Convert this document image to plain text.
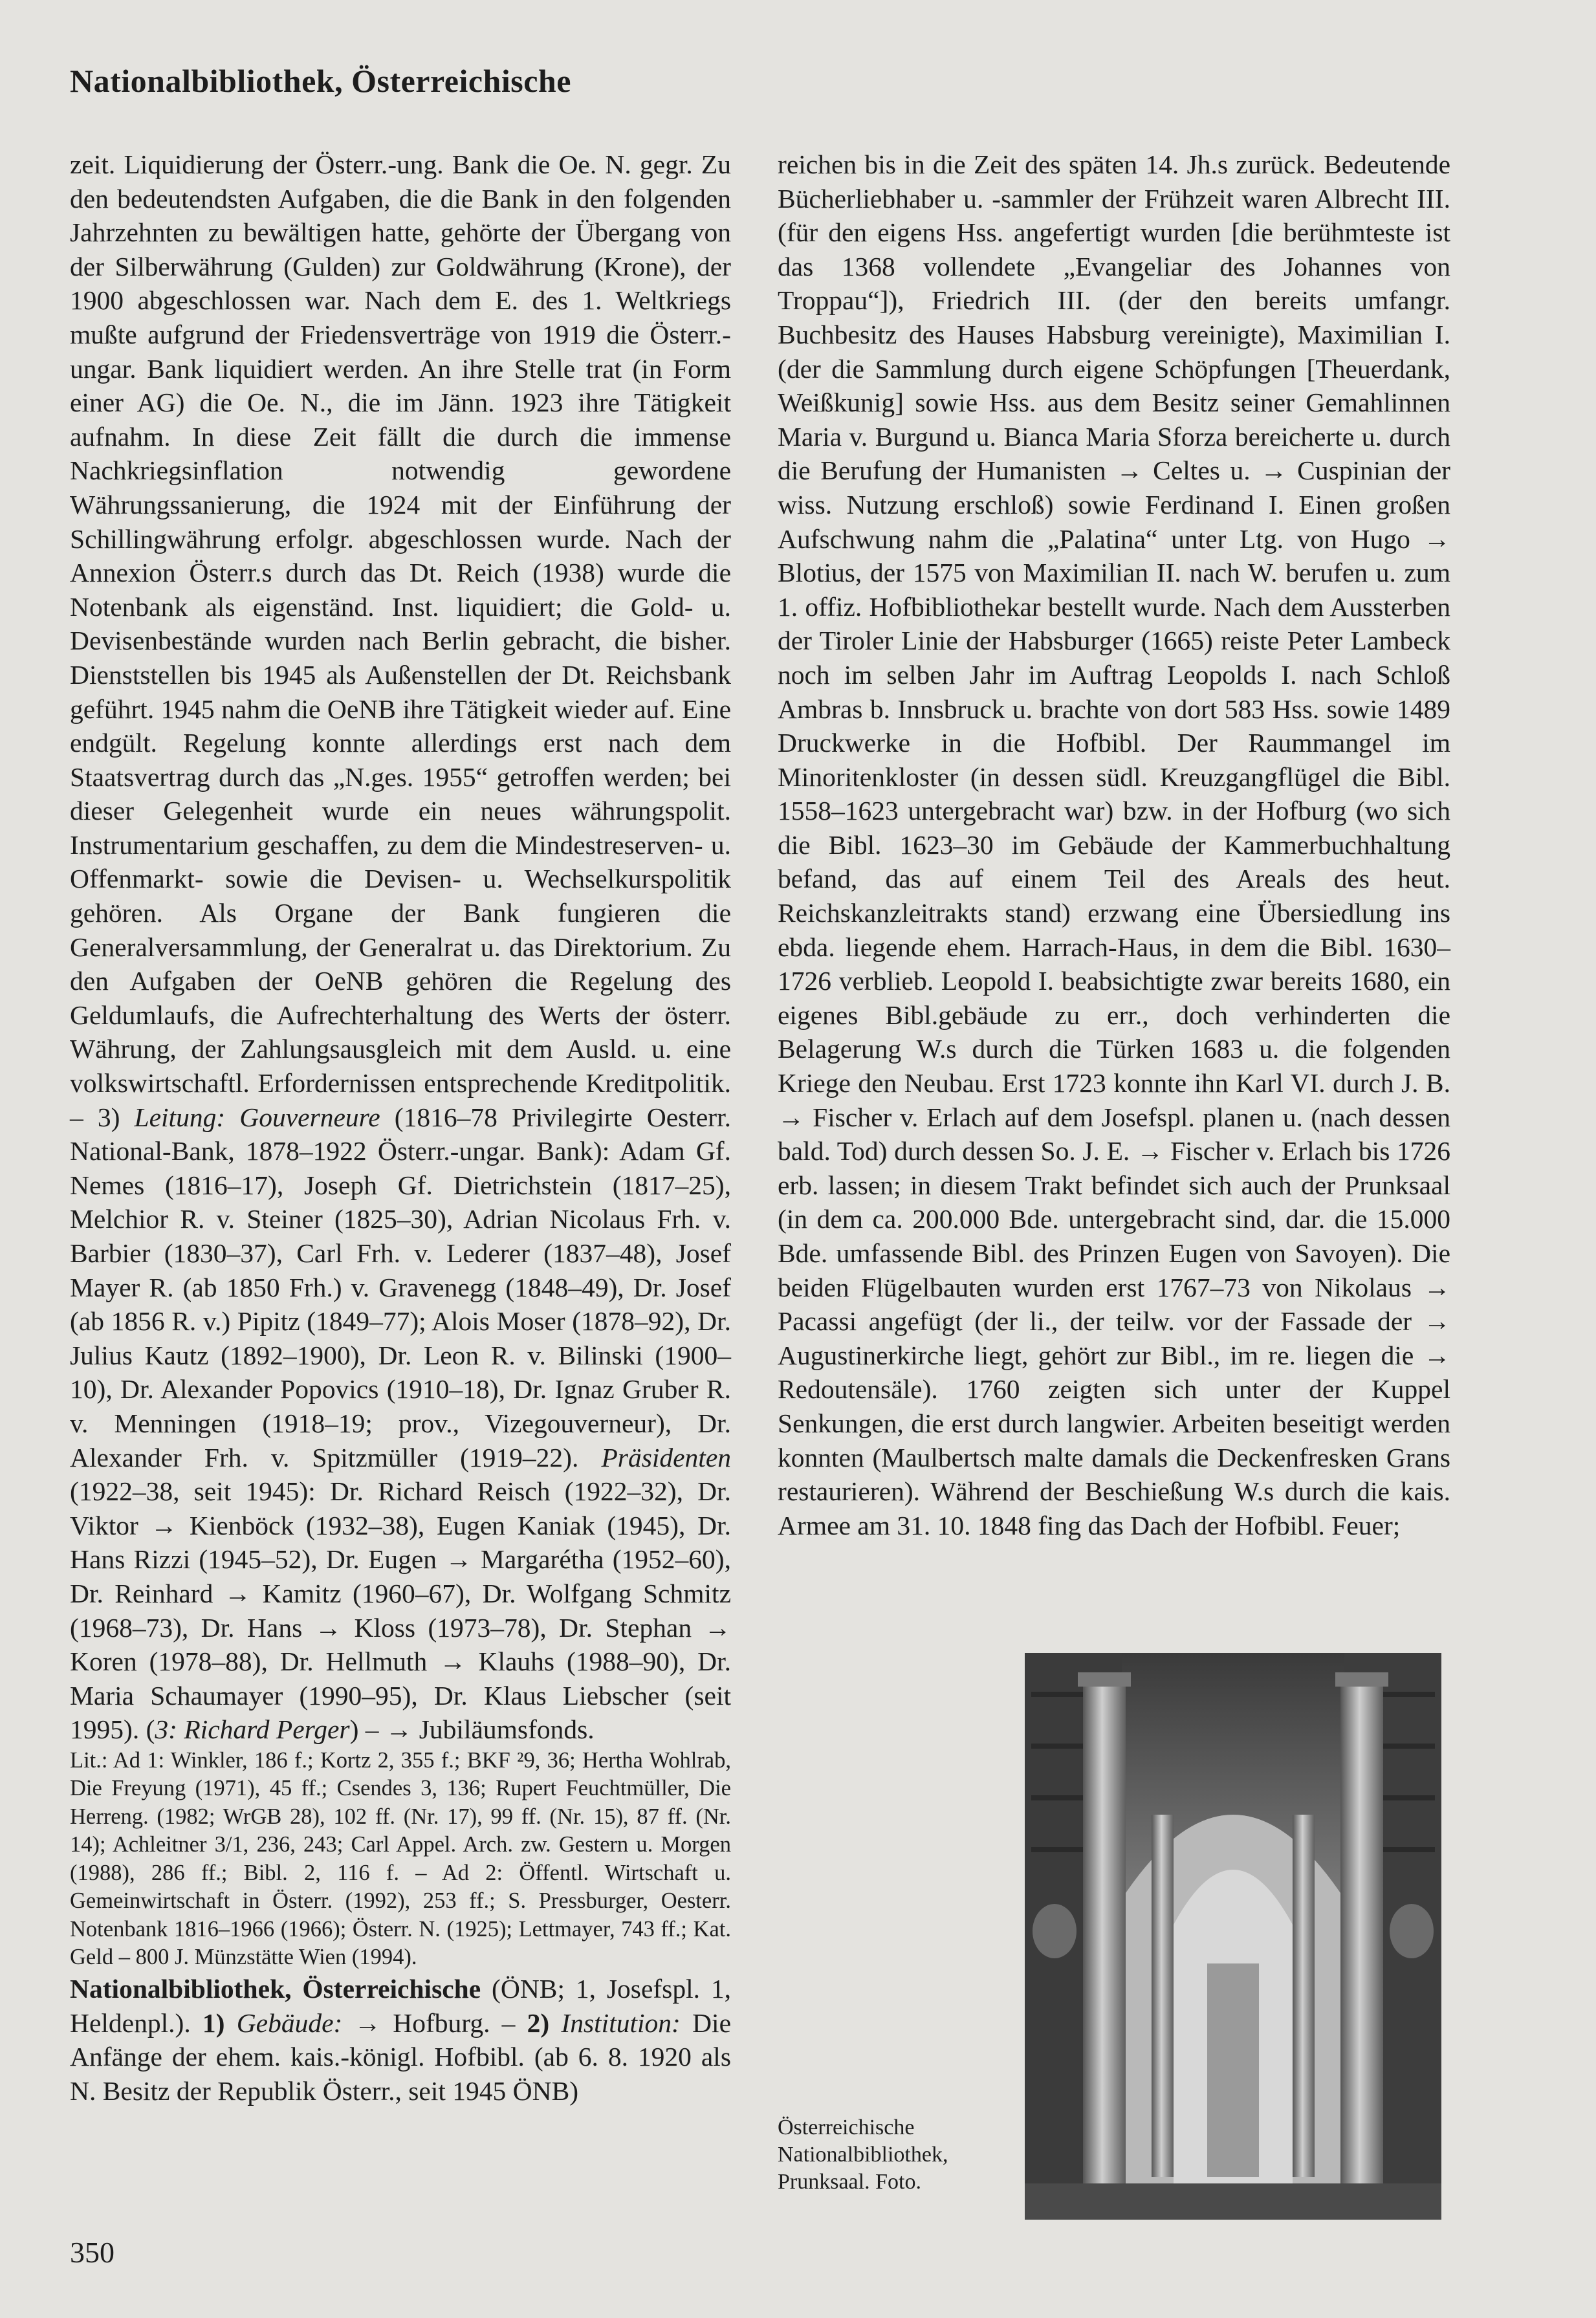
Nationalbibliothek, Österreichische

zeit. Liquidierung der Österr.-ung. Bank die Oe. N. gegr. Zu den bedeutendsten Aufgaben, die die Bank in den folgenden Jahrzehnten zu bewältigen hatte, gehörte der Übergang von der Silberwährung (Gulden) zur Goldwährung (Krone), der 1900 abgeschlossen war. Nach dem E. des 1. Weltkriegs mußte aufgrund der Friedensverträge von 1919 die Österr.-ungar. Bank liquidiert werden. An ihre Stelle trat (in Form einer AG) die Oe. N., die im Jänn. 1923 ihre Tätigkeit aufnahm. In diese Zeit fällt die durch die immense Nachkriegsinflation notwendig gewordene Währungssanierung, die 1924 mit der Einführung der Schillingwährung erfolgr. abgeschlossen wurde. Nach der Annexion Österr.s durch das Dt. Reich (1938) wurde die Notenbank als eigenständ. Inst. liquidiert; die Gold- u. Devisenbestände wurden nach Berlin gebracht, die bisher. Dienststellen bis 1945 als Außenstellen der Dt. Reichsbank geführt. 1945 nahm die OeNB ihre Tätigkeit wieder auf. Eine endgült. Regelung konnte allerdings erst nach dem Staatsvertrag durch das „N.ges. 1955“ getroffen werden; bei dieser Gelegenheit wurde ein neues währungspolit. Instrumentarium geschaffen, zu dem die Mindestreserven- u. Offenmarkt- sowie die Devisen- u. Wechselkurspolitik gehören. Als Organe der Bank fungieren die Generalversammlung, der Generalrat u. das Direktorium. Zu den Aufgaben der OeNB gehören die Regelung des Geldumlaufs, die Aufrechterhaltung des Werts der österr. Währung, der Zahlungsausgleich mit dem Ausld. u. eine volkswirtschaftl. Erfordernissen entsprechende Kreditpolitik. – 3) Leitung: Gouverneure (1816–78 Privilegirte Oesterr. National-Bank, 1878–1922 Österr.-ungar. Bank): Adam Gf. Nemes (1816–17), Joseph Gf. Dietrichstein (1817–25), Melchior R. v. Steiner (1825–30), Adrian Nicolaus Frh. v. Barbier (1830–37), Carl Frh. v. Lederer (1837–48), Josef Mayer R. (ab 1850 Frh.) v. Gravenegg (1848–49), Dr. Josef (ab 1856 R. v.) Pipitz (1849–77); Alois Moser (1878–92), Dr. Julius Kautz (1892–1900), Dr. Leon R. v. Bilinski (1900–10), Dr. Alexander Popovics (1910–18), Dr. Ignaz Gruber R. v. Menningen (1918–19; prov., Vizegouverneur), Dr. Alexander Frh. v. Spitzmüller (1919–22). Präsidenten (1922–38, seit 1945): Dr. Richard Reisch (1922–32), Dr. Viktor → Kienböck (1932–38), Eugen Kaniak (1945), Dr. Hans Rizzi (1945–52), Dr. Eugen → Margarétha (1952–60), Dr. Reinhard → Kamitz (1960–67), Dr. Wolfgang Schmitz (1968–73), Dr. Hans → Kloss (1973–78), Dr. Stephan → Koren (1978–88), Dr. Hellmuth → Klauhs (1988–90), Dr. Maria Schaumayer (1990–95), Dr. Klaus Liebscher (seit 1995). (3: Richard Perger) – → Jubiläumsfonds.

Lit.: Ad 1: Winkler, 186 f.; Kortz 2, 355 f.; BKF ²9, 36; Hertha Wohlrab, Die Freyung (1971), 45 ff.; Csendes 3, 136; Rupert Feuchtmüller, Die Herreng. (1982; WrGB 28), 102 ff. (Nr. 17), 99 ff. (Nr. 15), 87 ff. (Nr. 14); Achleitner 3/1, 236, 243; Carl Appel. Arch. zw. Gestern u. Morgen (1988), 286 ff.; Bibl. 2, 116 f. – Ad 2: Öffentl. Wirtschaft u. Gemeinwirtschaft in Österr. (1992), 253 ff.; S. Pressburger, Oesterr. Notenbank 1816–1966 (1966); Österr. N. (1925); Lettmayer, 743 ff.; Kat. Geld – 800 J. Münzstätte Wien (1994).

Nationalbibliothek, Österreichische (ÖNB; 1, Josefspl. 1, Heldenpl.). 1) Gebäude: → Hofburg. – 2) Institution: Die Anfänge der ehem. kais.-königl. Hofbibl. (ab 6. 8. 1920 als N. Besitz der Republik Österr., seit 1945 ÖNB)

reichen bis in die Zeit des späten 14. Jh.s zurück. Bedeutende Bücherliebhaber u. -sammler der Frühzeit waren Albrecht III. (für den eigens Hss. angefertigt wurden [die berühmteste ist das 1368 vollendete „Evangeliar des Johannes von Troppau“]), Friedrich III. (der den bereits umfangr. Buchbesitz des Hauses Habsburg vereinigte), Maximilian I. (der die Sammlung durch eigene Schöpfungen [Theuerdank, Weißkunig] sowie Hss. aus dem Besitz seiner Gemahlinnen Maria v. Burgund u. Bianca Maria Sforza bereicherte u. durch die Berufung der Humanisten → Celtes u. → Cuspinian der wiss. Nutzung erschloß) sowie Ferdinand I. Einen großen Aufschwung nahm die „Palatina“ unter Ltg. von Hugo → Blotius, der 1575 von Maximilian II. nach W. berufen u. zum 1. offiz. Hofbibliothekar bestellt wurde. Nach dem Aussterben der Tiroler Linie der Habsburger (1665) reiste Peter Lambeck noch im selben Jahr im Auftrag Leopolds I. nach Schloß Ambras b. Innsbruck u. brachte von dort 583 Hss. sowie 1489 Druckwerke in die Hofbibl. Der Raummangel im Minoritenkloster (in dessen südl. Kreuzgangflügel die Bibl. 1558–1623 untergebracht war) bzw. in der Hofburg (wo sich die Bibl. 1623–30 im Gebäude der Kammerbuchhaltung befand, das auf einem Teil des Areals des heut. Reichskanzleitrakts stand) erzwang eine Übersiedlung ins ebda. liegende ehem. Harrach-Haus, in dem die Bibl. 1630–1726 verblieb. Leopold I. beabsichtigte zwar bereits 1680, ein eigenes Bibl.gebäude zu err., doch verhinderten die Belagerung W.s durch die Türken 1683 u. die folgenden Kriege den Neubau. Erst 1723 konnte ihn Karl VI. durch J. B. → Fischer v. Erlach auf dem Josefspl. planen u. (nach dessen bald. Tod) durch dessen So. J. E. → Fischer v. Erlach bis 1726 erb. lassen; in diesem Trakt befindet sich auch der Prunksaal (in dem ca. 200.000 Bde. untergebracht sind, dar. die 15.000 Bde. umfassende Bibl. des Prinzen Eugen von Savoyen). Die beiden Flügelbauten wurden erst 1767–73 von Nikolaus → Pacassi angefügt (der li., der teilw. vor der Fassade der → Augustinerkirche liegt, gehört zur Bibl., im re. liegen die → Redoutensäle). 1760 zeigten sich unter der Kuppel Senkungen, die erst durch langwier. Arbeiten beseitigt werden konnten (Maulbertsch malte damals die Deckenfresken Grans restaurieren). Während der Beschießung W.s durch die kais. Armee am 31. 10. 1848 fing das Dach der Hofbibl. Feuer;

Österreichische
Nationalbibliothek,
Prunksaal. Foto.
350
